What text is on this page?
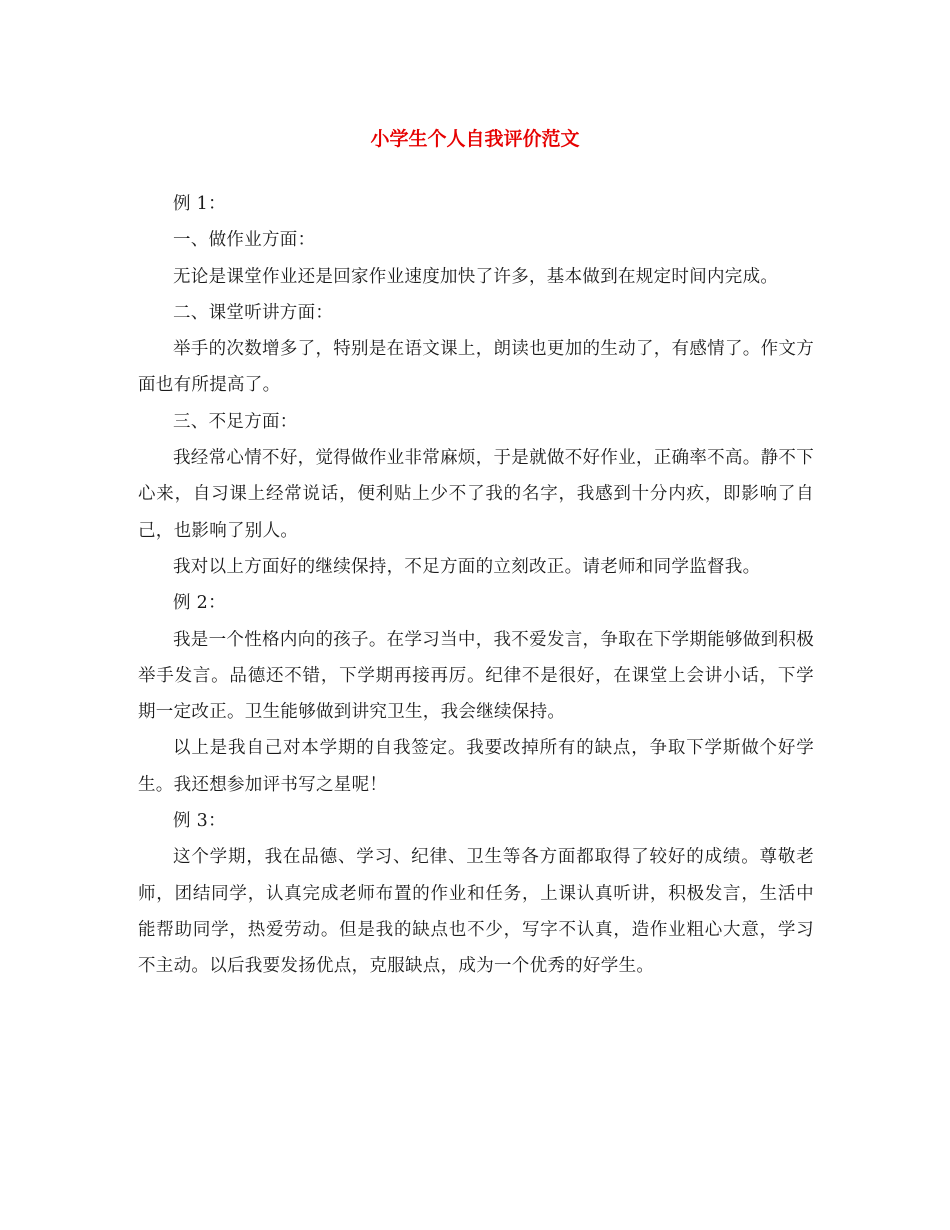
小学生个人自我评价范文

例 1：

一、做作业方面：

无论是课堂作业还是回家作业速度加快了许多，基本做到在规定时间内完成。

二、课堂听讲方面：

举手的次数增多了，特别是在语文课上，朗读也更加的生动了，有感情了。作文方面也有所提高了。

三、不足方面：

我经常心情不好，觉得做作业非常麻烦，于是就做不好作业，正确率不高。静不下心来，自习课上经常说话，便利贴上少不了我的名字，我感到十分内疚，即影响了自己，也影响了别人。

我对以上方面好的继续保持，不足方面的立刻改正。请老师和同学监督我。

例 2：

我是一个性格内向的孩子。在学习当中，我不爱发言，争取在下学期能够做到积极举手发言。品德还不错，下学期再接再厉。纪律不是很好，在课堂上会讲小话，下学期一定改正。卫生能够做到讲究卫生，我会继续保持。

以上是我自己对本学期的自我签定。我要改掉所有的缺点，争取下学斯做个好学生。我还想参加评书写之星呢！

例 3：

这个学期，我在品德、学习、纪律、卫生等各方面都取得了较好的成绩。尊敬老师，团结同学，认真完成老师布置的作业和任务，上课认真听讲，积极发言，生活中能帮助同学，热爱劳动。但是我的缺点也不少，写字不认真，造作业粗心大意，学习不主动。以后我要发扬优点，克服缺点，成为一个优秀的好学生。
